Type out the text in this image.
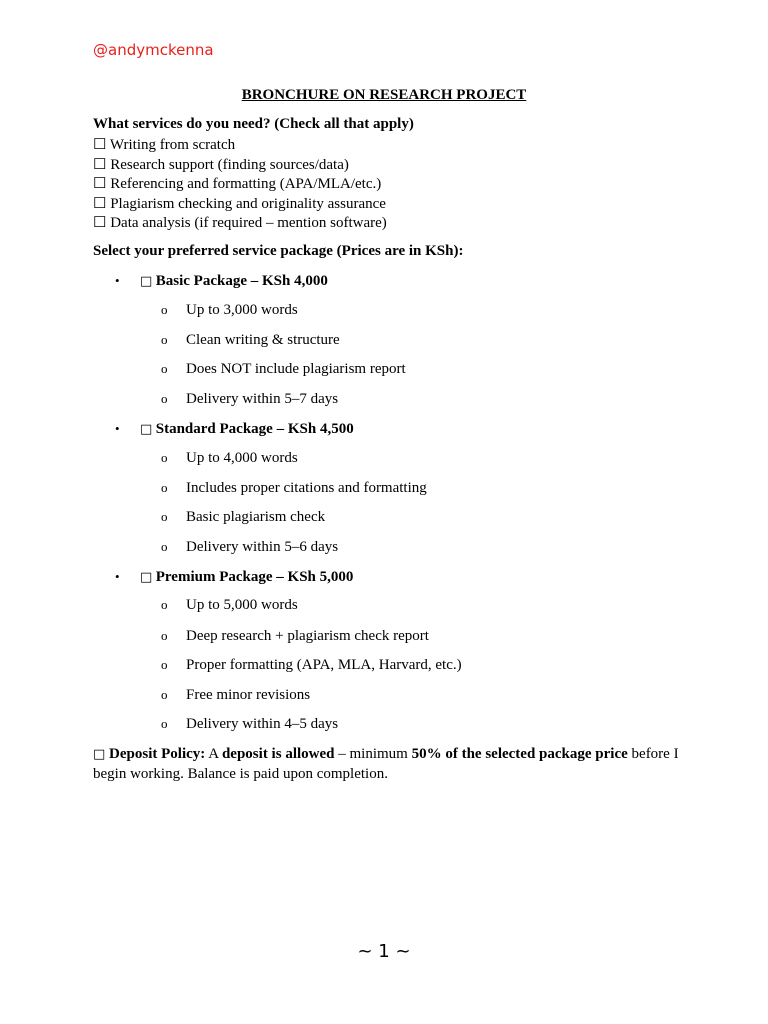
@andymckenna
BRONCHURE ON RESEARCH PROJECT
What services do you need? (Check all that apply)
☐ Writing from scratch
☐ Research support (finding sources/data)
☐ Referencing and formatting (APA/MLA/etc.)
☐ Plagiarism checking and originality assurance
☐ Data analysis (if required – mention software)
Select your preferred service package (Prices are in KSh):
• □ Basic Package – KSh 4,000
o Up to 3,000 words
o Clean writing & structure
o Does NOT include plagiarism report
o Delivery within 5–7 days
• □ Standard Package – KSh 4,500
o Up to 4,000 words
o Includes proper citations and formatting
o Basic plagiarism check
o Delivery within 5–6 days
• □ Premium Package – KSh 5,000
o Up to 5,000 words
o Deep research + plagiarism check report
o Proper formatting (APA, MLA, Harvard, etc.)
o Free minor revisions
o Delivery within 4–5 days
□ Deposit Policy: A deposit is allowed – minimum 50% of the selected package price before I begin working. Balance is paid upon completion.
~ 1 ~
